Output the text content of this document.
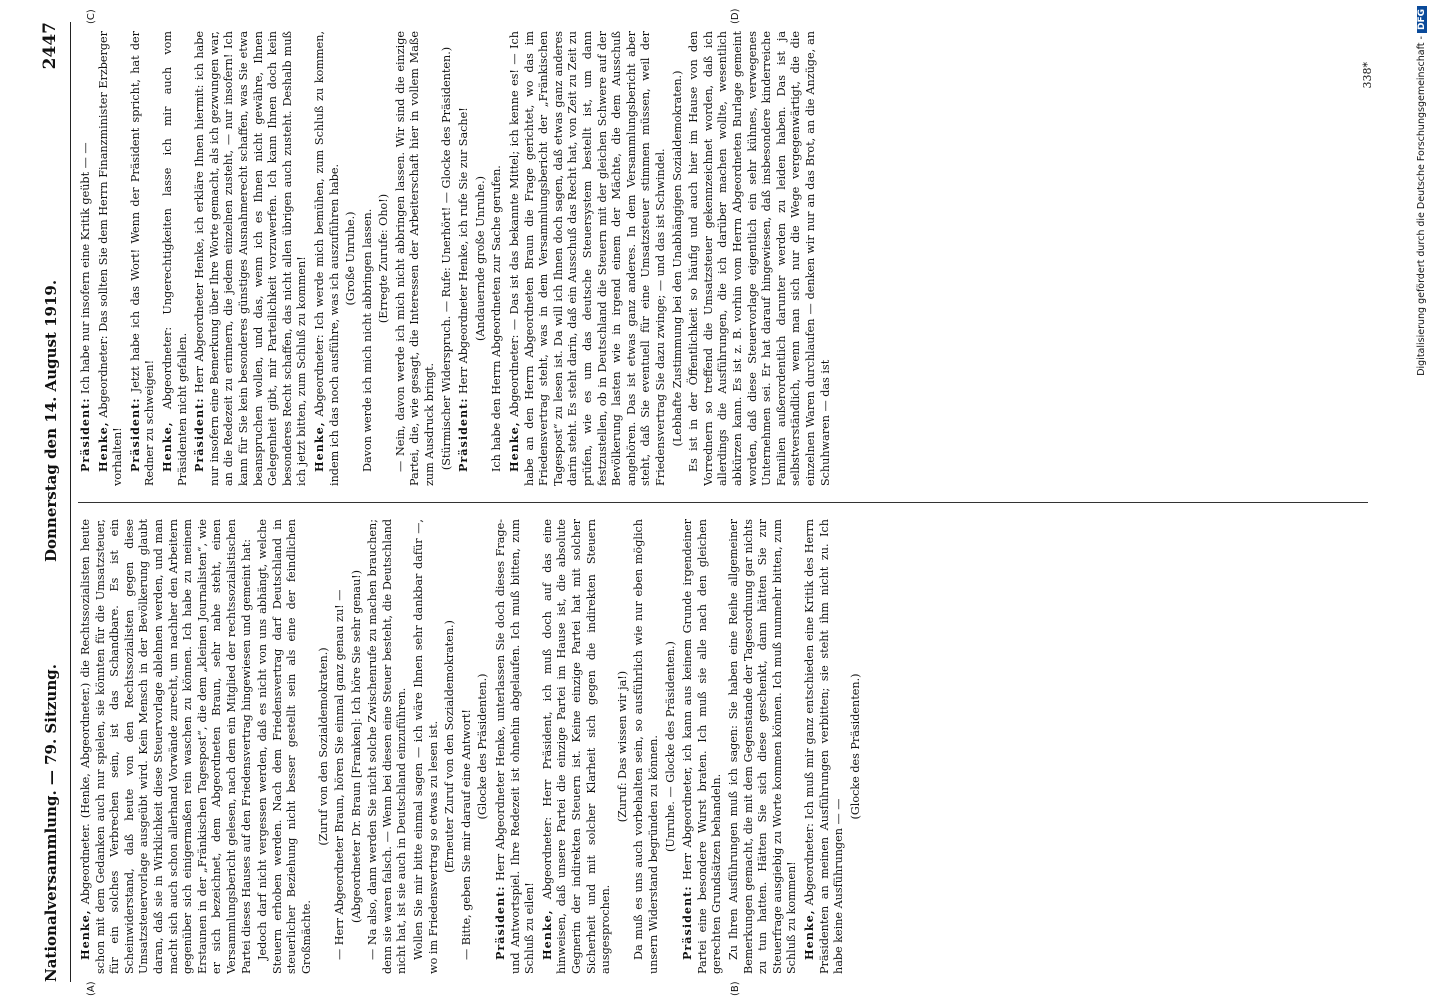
Nationalversammlung. — 79. Sitzung.
Donnerstag den 14. August 1919.
2447
(A)	(B)
(C)	(D)

Henke, Abgeordneter. (Henke, Abgeordneter.) die Rechtssozialisten heute schon mit dem Gedanken auch nur spielen, sie könnten für die Umsatzsteuer, für ein solches Verbrechen sein, ist das Schandbare. Es ist ein Scheinwiderstand, daß heute von den Rechtssozialisten gegen diese Umsatzsteuervorlage ausgeübt wird. Kein Mensch in der Bevölkerung glaubt daran, daß sie in Wirklichkeit diese Steuervorlage ablehnen werden, und man macht sich auch schon allerhand Vorwände zurecht, um nachher den Arbeitern gegenüber sich einigermaßen rein waschen zu können. Ich habe zu meinem Erstaunen in der „Fränkischen Tagespost“, die dem „kleinen Journalisten“, wie er sich bezeichnet, dem Abgeordneten Braun, sehr nahe steht, einen Versammlungsbericht gelesen, nach dem ein Mitglied der rechtssozialistischen Partei dieses Hauses auf den Friedensvertrag hingewiesen und gemeint hat: Jedoch darf nicht vergessen werden, daß es nicht von uns abhängt, welche Steuern erhoben werden. Nach dem Friedensvertrag darf Deutschland in steuerlicher Beziehung nicht besser gestellt sein als eine der feindlichen Großmächte.

(Zuruf von den Sozialdemokraten.) — Herr Abgeordneter Braun, hören Sie einmal ganz genau zu! — (Abgeordneter Dr. Braun [Franken]: Ich höre Sie sehr genau!) — Na also, dann werden Sie nicht solche Zwischenrufe zu machen brauchen; denn sie waren falsch. — Wenn bei diesen eine Steuer besteht, die Deutschland nicht hat, ist sie auch in Deutschland einzuführen. Wollen Sie mir bitte einmal sagen — ich wäre Ihnen sehr dankbar dafür —, wo im Friedensvertrag so etwas zu lesen ist. (Erneuter Zuruf von den Sozialdemokraten.) — Bitte, geben Sie mir darauf eine Antwort! (Glocke des Präsidenten.)

Präsident: Herr Abgeordneter Henke, unterlassen Sie doch dieses Frage- und Antwortspiel. Ihre Redezeit ist ohnehin abgelaufen. Ich muß bitten, zum Schluß zu eilen! Henke, Abgeordneter: Herr Präsident, ich muß doch auf das eine hinweisen, daß unsere Partei die einzige Partei im Hause ist, die absolute Gegnerin der indirekten Steuern ist. Keine einzige Partei hat mit solcher Sicherheit und mit solcher Klarheit sich gegen die indirekten Steuern ausgesprochen.

(Zuruf: Das wissen wir ja!) Da muß es uns auch vorbehalten sein, so ausführlich wie nur eben möglich unsern Widerstand begründen zu können. (Unruhe. — Glocke des Präsidenten.)

Präsident: Herr Abgeordneter, ich kann aus keinem Grunde irgendeiner Partei eine besondere Wurst braten. Ich muß sie alle nach den gleichen gerechten Grundsätzen behandeln. Zu Ihren Ausführungen muß ich sagen: Sie haben eine Reihe allgemeiner Bemerkungen gemacht, die mit dem Gegenstande der Tagesordnung gar nichts zu tun hatten. Hätten Sie sich diese geschenkt, dann hätten Sie zur Steuerfrage ausgiebig zu Worte kommen können. Ich muß nunmehr bitten, zum Schluß zu kommen! Henke, Abgeordneter: Ich muß mir ganz entschieden eine Kritik des Herrn Präsidenten an meinen Ausführungen verbitten; sie steht ihm nicht zu. Ich habe keine Ausführungen — —

(Glocke des Präsidenten.)

Präsident: Ich habe nur insofern eine Kritik geübt — —

Henke, Abgeordneter: Das sollten Sie dem Herrn Finanzminister Erzberger vorhalten! Präsident: Jetzt habe ich das Wort! Wenn der Präsident spricht, hat der Redner zu schweigen! Henke, Abgeordneter: Ungerechtigkeiten lasse ich mir auch vom Präsidenten nicht gefallen. Präsident: Herr Abgeordneter Henke, ich erkläre Ihnen hiermit: ich habe nur insofern eine Bemerkung über Ihre Worte gemacht, als ich gezwungen war, an die Redezeit zu erinnern, die jedem einzelnen zusteht, — nur insofern! Ich kann für Sie kein besonderes günstiges Ausnahmerecht schaffen, was Sie etwa beanspruchen wollen, und das, wenn ich es Ihnen nicht gewähre, Ihnen Gelegenheit gibt, mir Parteilichkeit vorzuwerfen. Ich kann Ihnen doch kein besonderes Recht schaffen, das nicht allen übrigen auch zusteht. Deshalb muß ich jetzt bitten, zum Schluß zu kommen! Henke, Abgeordneter: Ich werde mich bemühen, zum Schluß zu kommen, indem ich das noch ausführe, was ich auszuführen habe. (Große Unruhe.) Davon werde ich mich nicht abbringen lassen. (Erregte Zurufe: Oho!) — Nein, davon werde ich mich nicht abbringen lassen. Wir sind die einzige Partei, die, wie gesagt, die Interessen der Arbeiterschaft hier in vollem Maße zum Ausdruck bringt. (Stürmischer Widerspruch. — Rufe: Unerhört! — Glocke des Präsidenten.) Präsident: Herr Abgeordneter Henke, ich rufe Sie zur Sache! (Andauernde große Unruhe.) Ich habe den Herrn Abgeordneten zur Sache gerufen. Henke, Abgeordneter: — Das ist das bekannte Mittel; ich kenne es! — Ich habe an den Herrn Abgeordneten Braun die Frage gerichtet, wo das im Friedensvertrag steht, was in dem Versammlungsbericht der „Fränkischen Tagespost“ zu lesen ist. Da will ich Ihnen doch sagen, daß etwas ganz anderes darin steht. Es steht darin, daß ein Ausschuß das Recht hat, von Zeit zu Zeit zu prüfen, wie es um das deutsche Steuersystem bestellt ist, um dann festzustellen, ob in Deutschland die Steuern mit der gleichen Schwere auf der Bevölkerung lasten wie in irgend einem der Mächte, die dem Ausschuß angehören. Das ist etwas ganz anderes. In dem Versammlungsbericht aber steht, daß Sie eventuell für eine Umsatzsteuer stimmen müssen, weil der Friedensvertrag Sie dazu zwinge; — und das ist Schwindel. (Lebhafte Zustimmung bei den Unabhängigen Sozialdemokraten.) Es ist in der Öffentlichkeit so häufig und auch hier im Hause von den Vorrednern so treffend die Umsatzsteuer gekennzeichnet worden, daß ich allerdings die Ausführungen, die ich darüber machen wollte, wesentlich abkürzen kann. Es ist z. B. vorhin vom Herrn Abgeordneten Burlage gemeint worden, daß diese Steuervorlage eigentlich ein sehr kühnes, verwegenes Unternehmen sei. Er hat darauf hingewiesen, daß insbesondere kinderreiche Familien außerordentlich darunter werden zu leiden haben. Das ist ja selbstverständlich, wenn man sich nur die Wege vergegenwärtigt, die die einzelnen Waren durchlaufen — denken wir nur an das Brot, an die Anzüge, an Schuhwaren — das ist

338*	Digitalisierung gefördert durch die Deutsche Forschungsgemeinschaft - DFG
